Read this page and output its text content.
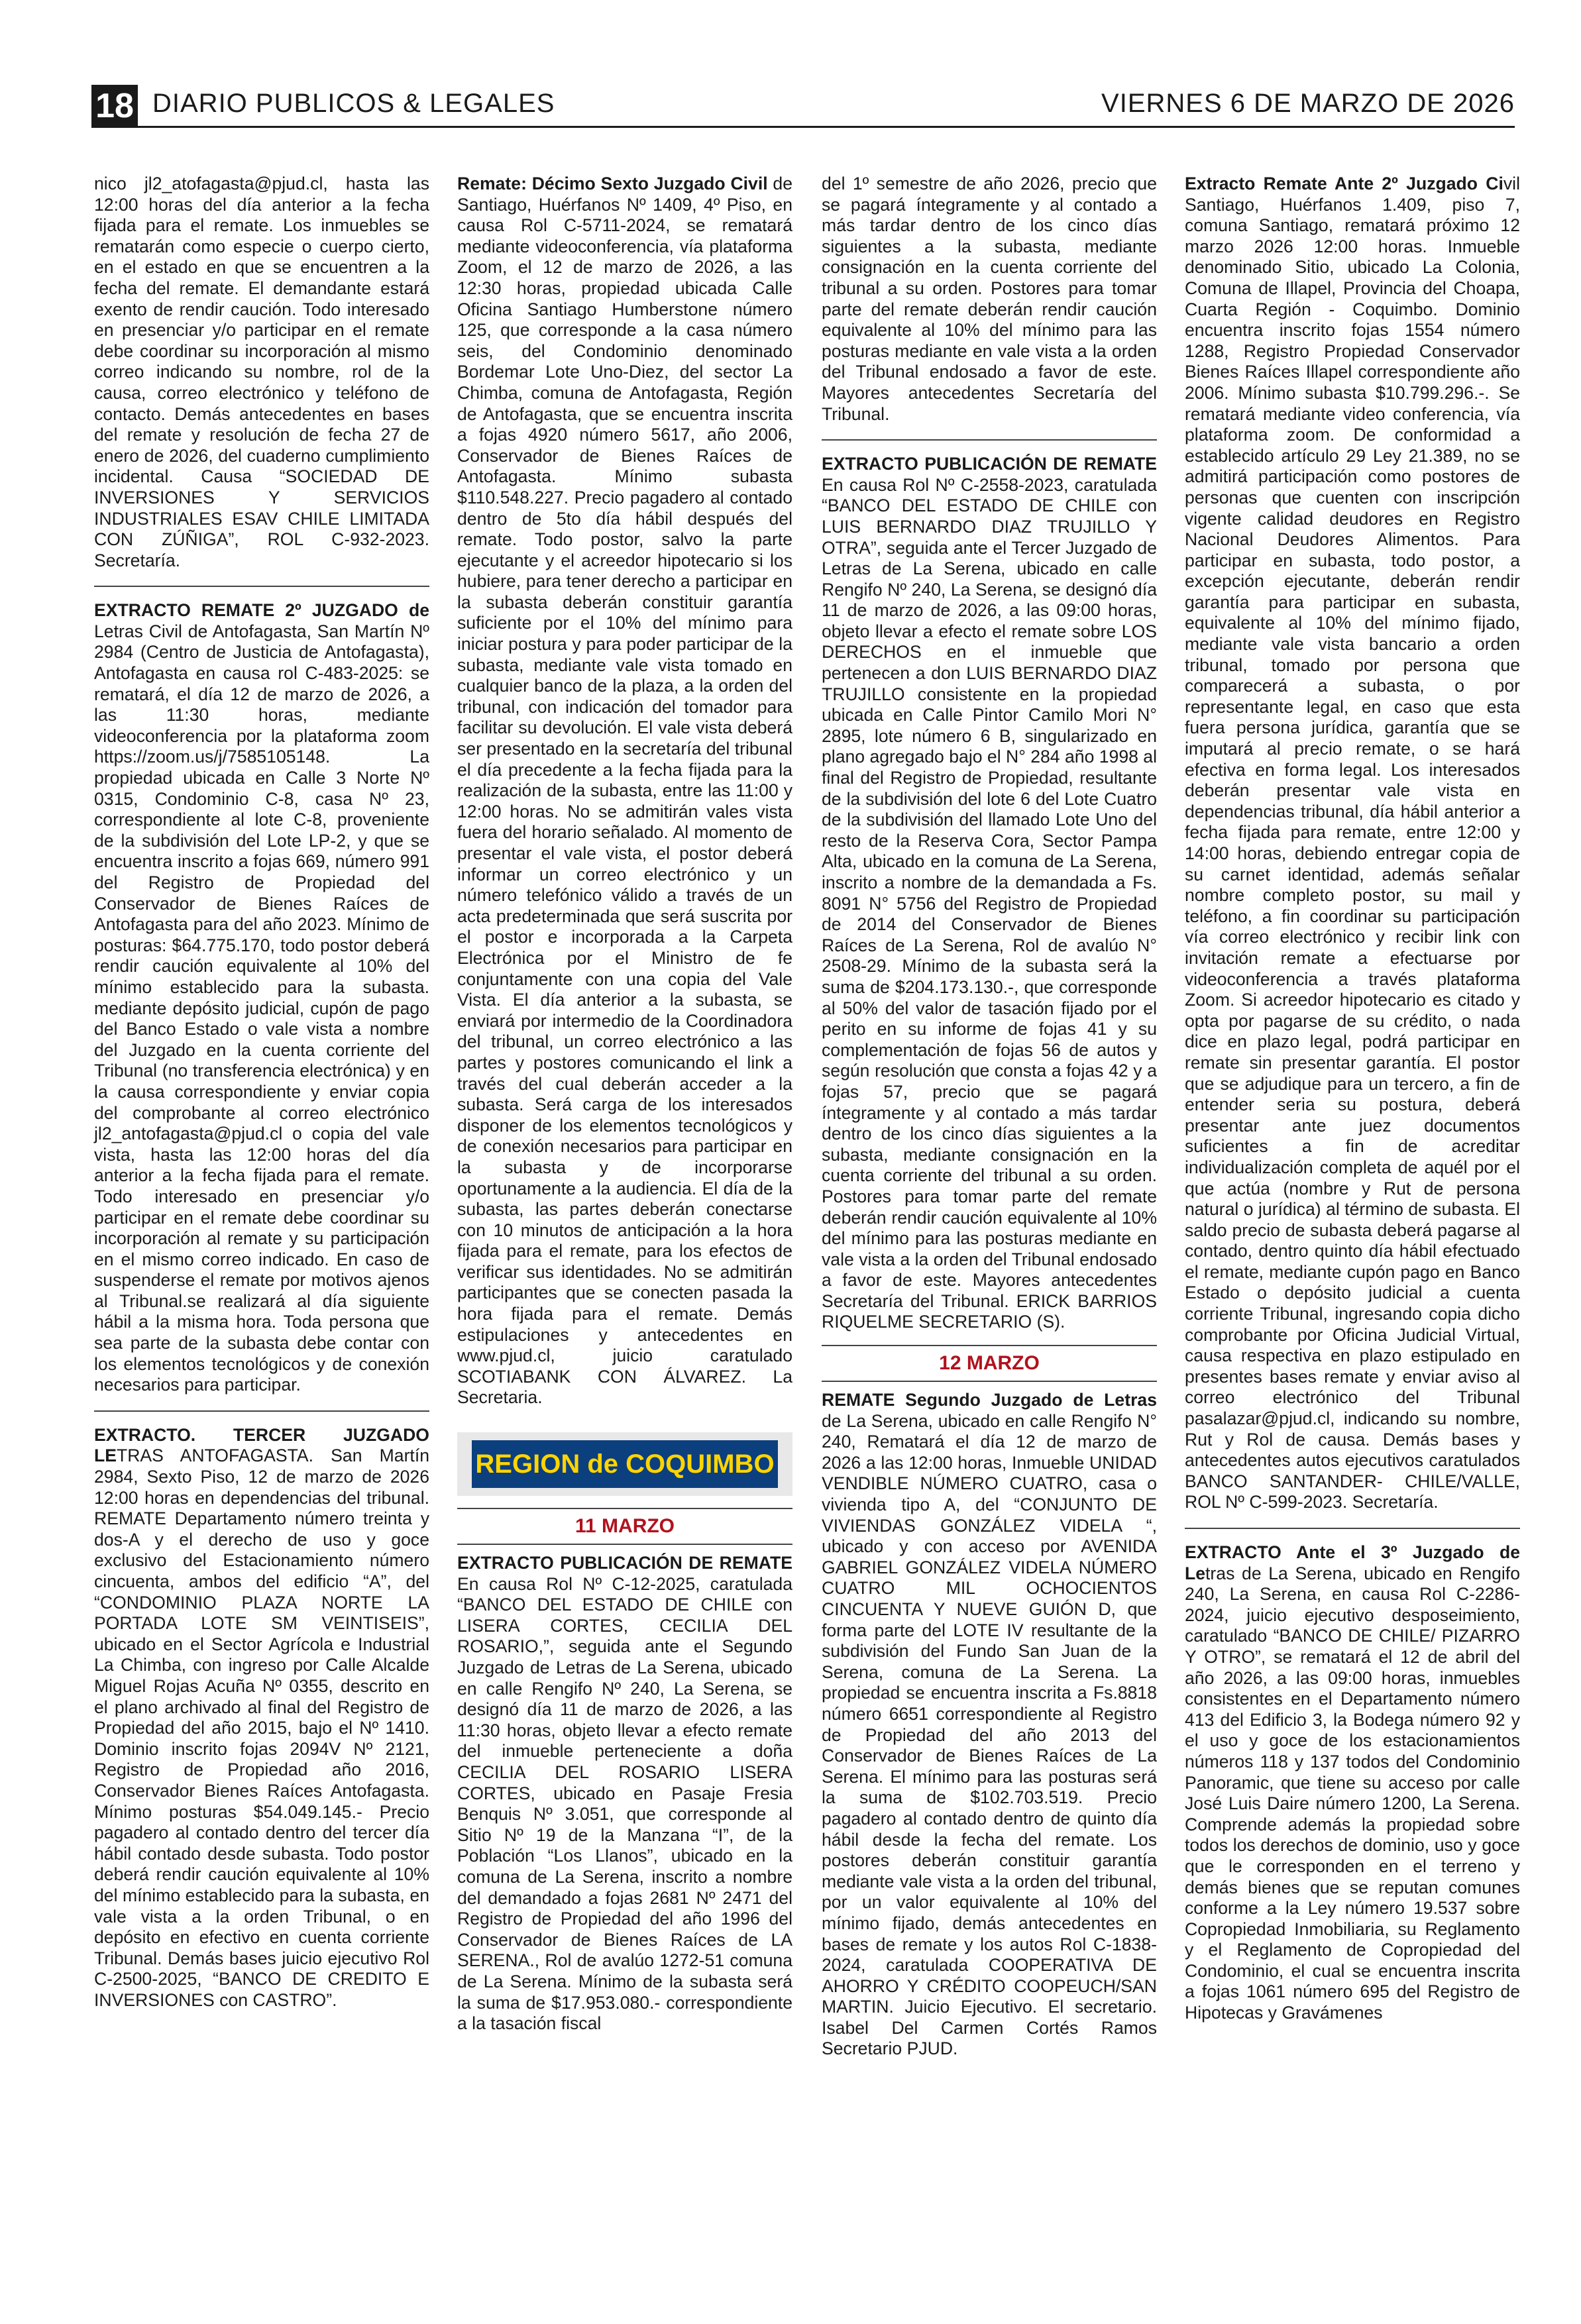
18 DIARIO PUBLICOS & LEGALES	VIERNES 6 DE MARZO DE 2026

nico jl2_atofagasta@pjud.cl, hasta las 12:00 horas del día anterior a la fecha fijada para el remate. Los inmuebles se rematarán como especie o cuerpo cierto, en el estado en que se encuentren a la fecha del remate. El demandante estará exento de rendir caución. Todo interesado en presenciar y/o participar en el remate debe coordinar su incorporación al mismo correo indicando su nombre, rol de la causa, correo electrónico y teléfono de contacto. Demás antecedentes en bases del remate y resolución de fecha 27 de enero de 2026, del cuaderno cumplimiento incidental. Causa “SOCIEDAD DE INVERSIONES Y SERVICIOS INDUSTRIALES ESAV CHILE LIMITADA CON ZÚÑIGA”, ROL C-932-2023. Secretaría.

EXTRACTO REMATE 2º JUZGADO de Letras Civil de Antofagasta, San Martín Nº 2984 (Centro de Justicia de Antofagasta), Antofagasta en causa rol C-483-2025: se rematará, el día 12 de marzo de 2026, a las 11:30 horas, mediante videoconferencia por la plataforma zoom https://zoom.us/j/7585105148. La propiedad ubicada en Calle 3 Norte Nº 0315, Condominio C-8, casa Nº 23, correspondiente al lote C-8, proveniente de la subdivisión del Lote LP-2, y que se encuentra inscrito a fojas 669, número 991 del Registro de Propiedad del Conservador de Bienes Raíces de Antofagasta para del año 2023. Mínimo de posturas: $64.775.170, todo postor deberá rendir caución equivalente al 10% del mínimo establecido para la subasta. mediante depósito judicial, cupón de pago del Banco Estado o vale vista a nombre del Juzgado en la cuenta corriente del Tribunal (no transferencia electrónica) y en la causa correspondiente y enviar copia del comprobante al correo electrónico jl2_antofagasta@pjud.cl o copia del vale vista, hasta las 12:00 horas del día anterior a la fecha fijada para el remate. Todo interesado en presenciar y/o participar en el remate debe coordinar su incorporación al remate y su participación en el mismo correo indicado. En caso de suspenderse el remate por motivos ajenos al Tribunal.se realizará al día siguiente hábil a la misma hora. Toda persona que sea parte de la subasta debe contar con los elementos tecnológicos y de conexión necesarios para participar.

EXTRACTO. TERCER JUZGADO LETRAS ANTOFAGASTA. San Martín 2984, Sexto Piso, 12 de marzo de 2026 12:00 horas en dependencias del tribunal. REMATE Departamento número treinta y dos-A y el derecho de uso y goce exclusivo del Estacionamiento número cincuenta, ambos del edificio “A”, del “CONDOMINIO PLAZA NORTE LA PORTADA LOTE SM VEINTISEIS”, ubicado en el Sector Agrícola e Industrial La Chimba, con ingreso por Calle Alcalde Miguel Rojas Acuña Nº 0355, descrito en el plano archivado al final del Registro de Propiedad del año 2015, bajo el Nº 1410. Dominio inscrito fojas 2094V Nº 2121, Registro de Propiedad año 2016, Conservador Bienes Raíces Antofagasta. Mínimo posturas $54.049.145.- Precio pagadero al contado dentro del tercer día hábil contado desde subasta. Todo postor deberá rendir caución equivalente al 10% del mínimo establecido para la subasta, en vale vista a la orden Tribunal, o en depósito en efectivo en cuenta corriente Tribunal. Demás bases juicio ejecutivo Rol C-2500-2025, “BANCO DE CREDITO E INVERSIONES con CASTRO”.

Remate: Décimo Sexto Juzgado Civil de Santiago, Huérfanos Nº 1409, 4º Piso, en causa Rol C-5711-2024, se rematará mediante videoconferencia, vía plataforma Zoom, el 12 de marzo de 2026, a las 12:30 horas, propiedad ubicada Calle Oficina Santiago Humberstone número 125, que corresponde a la casa número seis, del Condominio denominado Bordemar Lote Uno-Diez, del sector La Chimba, comuna de Antofagasta, Región de Antofagasta, que se encuentra inscrita a fojas 4920 número 5617, año 2006, Conservador de Bienes Raíces de Antofagasta. Mínimo subasta $110.548.227. Precio pagadero al contado dentro de 5to día hábil después del remate. Todo postor, salvo la parte ejecutante y el acreedor hipotecario si los hubiere, para tener derecho a participar en la subasta deberán constituir garantía suficiente por el 10% del mínimo para iniciar postura y para poder participar de la subasta, mediante vale vista tomado en cualquier banco de la plaza, a la orden del tribunal, con indicación del tomador para facilitar su devolución. El vale vista deberá ser presentado en la secretaría del tribunal el día precedente a la fecha fijada para la realización de la subasta, entre las 11:00 y 12:00 horas. No se admitirán vales vista fuera del horario señalado. Al momento de presentar el vale vista, el postor deberá informar un correo electrónico y un número telefónico válido a través de un acta predeterminada que será suscrita por el postor e incorporada a la Carpeta Electrónica por el Ministro de fe conjuntamente con una copia del Vale Vista. El día anterior a la subasta, se enviará por intermedio de la Coordinadora del tribunal, un correo electrónico a las partes y postores comunicando el link a través del cual deberán acceder a la subasta. Será carga de los interesados disponer de los elementos tecnológicos y de conexión necesarios para participar en la subasta y de incorporarse oportunamente a la audiencia. El día de la subasta, las partes deberán conectarse con 10 minutos de anticipación a la hora fijada para el remate, para los efectos de verificar sus identidades. No se admitirán participantes que se conecten pasada la hora fijada para el remate. Demás estipulaciones y antecedentes en www.pjud.cl, juicio caratulado SCOTIABANK CON ÁLVAREZ. La Secretaria.

REGION de COQUIMBO
11 MARZO

EXTRACTO PUBLICACIÓN DE REMATE En causa Rol Nº C-12-2025, caratulada “BANCO DEL ESTADO DE CHILE con LISERA CORTES, CECILIA DEL ROSARIO,”, seguida ante el Segundo Juzgado de Letras de La Serena, ubicado en calle Rengifo Nº 240, La Serena, se designó día 11 de marzo de 2026, a las 11:30 horas, objeto llevar a efecto remate del inmueble perteneciente a doña CECILIA DEL ROSARIO LISERA CORTES, ubicado en Pasaje Fresia Benquis Nº 3.051, que corresponde al Sitio Nº 19 de la Manzana “I”, de la Población “Los Llanos”, ubicado en la comuna de La Serena, inscrito a nombre del demandado a fojas 2681 Nº 2471 del Registro de Propiedad del año 1996 del Conservador de Bienes Raíces de LA SERENA., Rol de avalúo 1272-51 comuna de La Serena. Mínimo de la subasta será la suma de $17.953.080.- correspondiente a la tasación fiscal

del 1º semestre de año 2026, precio que se pagará íntegramente y al contado a más tardar dentro de los cinco días siguientes a la subasta, mediante consignación en la cuenta corriente del tribunal a su orden. Postores para tomar parte del remate deberán rendir caución equivalente al 10% del mínimo para las posturas mediante en vale vista a la orden del Tribunal endosado a favor de este. Mayores antecedentes Secretaría del Tribunal.

EXTRACTO PUBLICACIÓN DE REMATE En causa Rol Nº C-2558-2023, caratulada “BANCO DEL ESTADO DE CHILE con LUIS BERNARDO DIAZ TRUJILLO Y OTRA”, seguida ante el Tercer Juzgado de Letras de La Serena, ubicado en calle Rengifo Nº 240, La Serena, se designó día 11 de marzo de 2026, a las 09:00 horas, objeto llevar a efecto el remate sobre LOS DERECHOS en el inmueble que pertenecen a don LUIS BERNARDO DIAZ TRUJILLO consistente en la propiedad ubicada en Calle Pintor Camilo Mori N° 2895, lote número 6 B, singularizado en plano agregado bajo el N° 284 año 1998 al final del Registro de Propiedad, resultante de la subdivisión del lote 6 del Lote Cuatro de la subdivisión del llamado Lote Uno del resto de la Reserva Cora, Sector Pampa Alta, ubicado en la comuna de La Serena, inscrito a nombre de la demandada a Fs. 8091 N° 5756 del Registro de Propiedad de 2014 del Conservador de Bienes Raíces de La Serena, Rol de avalúo N° 2508-29. Mínimo de la subasta será la suma de $204.173.130.-, que corresponde al 50% del valor de tasación fijado por el perito en su informe de fojas 41 y su complementación de fojas 56 de autos y según resolución que consta a fojas 42 y a fojas 57, precio que se pagará íntegramente y al contado a más tardar dentro de los cinco días siguientes a la subasta, mediante consignación en la cuenta corriente del tribunal a su orden. Postores para tomar parte del remate deberán rendir caución equivalente al 10% del mínimo para las posturas mediante en vale vista a la orden del Tribunal endosado a favor de este. Mayores antecedentes Secretaría del Tribunal. ERICK BARRIOS RIQUELME SECRETARIO (S).

12 MARZO

REMATE Segundo Juzgado de Letras de La Serena, ubicado en calle Rengifo N° 240, Rematará el día 12 de marzo de 2026 a las 12:00 horas, Inmueble UNIDAD VENDIBLE NÚMERO CUATRO, casa o vivienda tipo A, del “CONJUNTO DE VIVIENDAS GONZÁLEZ VIDELA “, ubicado y con acceso por AVENIDA GABRIEL GONZÁLEZ VIDELA NÚMERO CUATRO MIL OCHOCIENTOS CINCUENTA Y NUEVE GUIÓN D, que forma parte del LOTE IV resultante de la subdivisión del Fundo San Juan de la Serena, comuna de La Serena. La propiedad se encuentra inscrita a Fs.8818 número 6651 correspondiente al Registro de Propiedad del año 2013 del Conservador de Bienes Raíces de La Serena. El mínimo para las posturas será la suma de $102.703.519. Precio pagadero al contado dentro de quinto día hábil desde la fecha del remate. Los postores deberán constituir garantía mediante vale vista a la orden del tribunal, por un valor equivalente al 10% del mínimo fijado, demás antecedentes en bases de remate y los autos Rol C-1838-2024, caratulada COOPERATIVA DE AHORRO Y CRÉDITO COOPEUCH/SAN MARTIN. Juicio Ejecutivo. El secretario. Isabel Del Carmen Cortés Ramos Secretario PJUD.

Extracto Remate Ante 2º Juzgado Civil Santiago, Huérfanos 1.409, piso 7, comuna Santiago, rematará próximo 12 marzo 2026 12:00 horas. Inmueble denominado Sitio, ubicado La Colonia, Comuna de Illapel, Provincia del Choapa, Cuarta Región - Coquimbo. Dominio encuentra inscrito fojas 1554 número 1288, Registro Propiedad Conservador Bienes Raíces Illapel correspondiente año 2006. Mínimo subasta $10.799.296.-. Se rematará mediante video conferencia, vía plataforma zoom. De conformidad a establecido artículo 29 Ley 21.389, no se admitirá participación como postores de personas que cuenten con inscripción vigente calidad deudores en Registro Nacional Deudores Alimentos. Para participar en subasta, todo postor, a excepción ejecutante, deberán rendir garantía para participar en subasta, equivalente al 10% del mínimo fijado, mediante vale vista bancario a orden tribunal, tomado por persona que comparecerá a subasta, o por representante legal, en caso que esta fuera persona jurídica, garantía que se imputará al precio remate, o se hará efectiva en forma legal. Los interesados deberán presentar vale vista en dependencias tribunal, día hábil anterior a fecha fijada para remate, entre 12:00 y 14:00 horas, debiendo entregar copia de su carnet identidad, además señalar nombre completo postor, su mail y teléfono, a fin coordinar su participación vía correo electrónico y recibir link con invitación remate a efectuarse por videoconferencia a través plataforma Zoom. Si acreedor hipotecario es citado y opta por pagarse de su crédito, o nada dice en plazo legal, podrá participar en remate sin presentar garantía. El postor que se adjudique para un tercero, a fin de entender seria su postura, deberá presentar ante juez documentos suficientes a fin de acreditar individualización completa de aquél por el que actúa (nombre y Rut de persona natural o jurídica) al término de subasta. El saldo precio de subasta deberá pagarse al contado, dentro quinto día hábil efectuado el remate, mediante cupón pago en Banco Estado o depósito judicial a cuenta corriente Tribunal, ingresando copia dicho comprobante por Oficina Judicial Virtual, causa respectiva en plazo estipulado en presentes bases remate y enviar aviso al correo electrónico del Tribunal pasalazar@pjud.cl, indicando su nombre, Rut y Rol de causa. Demás bases y antecedentes autos ejecutivos caratulados BANCO SANTANDER- CHILE/VALLE, ROL Nº C-599-2023. Secretaría.

EXTRACTO Ante el 3º Juzgado de Letras de La Serena, ubicado en Rengifo 240, La Serena, en causa Rol C-2286-2024, juicio ejecutivo desposeimiento, caratulado “BANCO DE CHILE/ PIZARRO Y OTRO”, se rematará el 12 de abril del año 2026, a las 09:00 horas, inmuebles consistentes en el Departamento número 413 del Edificio 3, la Bodega número 92 y el uso y goce de los estacionamientos números 118 y 137 todos del Condominio Panoramic, que tiene su acceso por calle José Luis Daire número 1200, La Serena. Comprende además la propiedad sobre todos los derechos de dominio, uso y goce que le corresponden en el terreno y demás bienes que se reputan comunes conforme a la Ley número 19.537 sobre Copropiedad Inmobiliaria, su Reglamento y el Reglamento de Copropiedad del Condominio, el cual se encuentra inscrita a fojas 1061 número 695 del Registro de Hipotecas y Gravámenes
